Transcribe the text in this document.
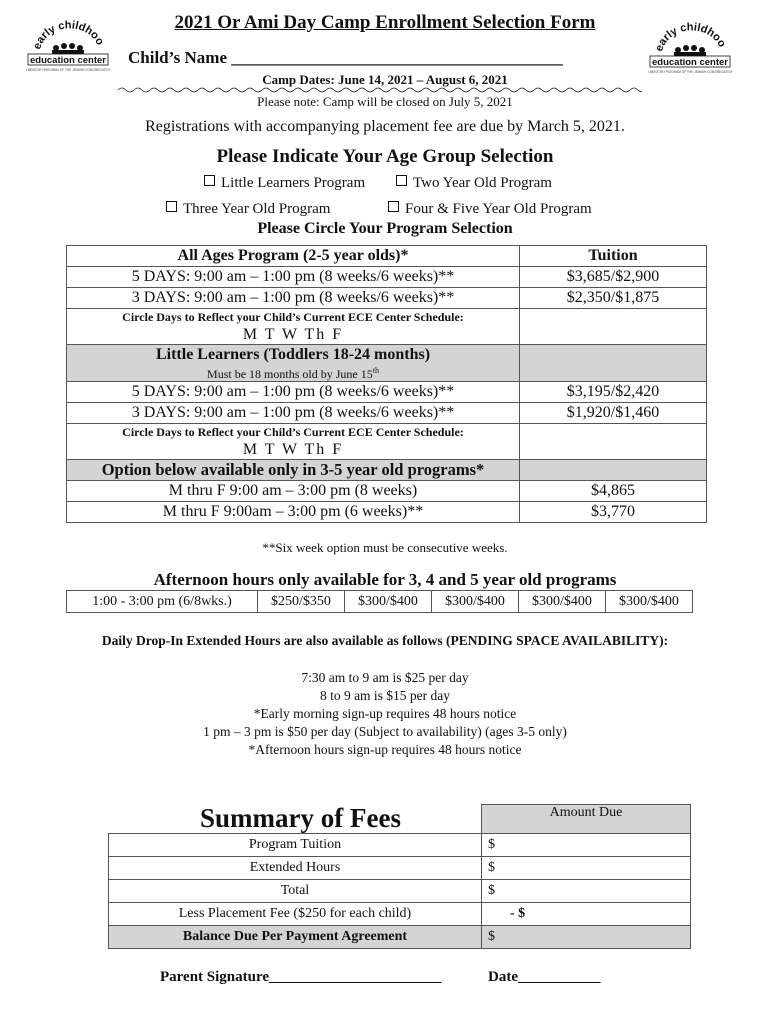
early childhoo
education center
A MENTOR PROGRAM OF THE JEWISH CONGREGATION
early childhoo
education center
A MENTOR PROGRAM OF THE JEWISH CONGREGATION
2021 Or Ami Day Camp Enrollment Selection Form
Child’s Name _______________________________________
Camp Dates: June 14, 2021 – August 6, 2021
Please note: Camp will be closed on July 5, 2021
Registrations with accompanying placement fee are due by March 5, 2021.
Please Indicate Your Age Group Selection
Little Learners Program	Two Year Old Program
Three Year Old Program	Four & Five Year Old Program
Please Circle Your Program Selection
All Ages Program (2-5 year olds)*	Tuition
5 DAYS: 9:00 am – 1:00 pm (8 weeks/6 weeks)**	$3,685/$2,900
3 DAYS: 9:00 am – 1:00 pm (8 weeks/6 weeks)**	$2,350/$1,875

Circle Days to Reflect your Child’s Current ECE Center Schedule:
M T W Th F	

Little Learners (Toddlers 18-24 months)
Must be 18 months old by June 15th

5 DAYS: 9:00 am – 1:00 pm (8 weeks/6 weeks)**	$3,195/$2,420
3 DAYS: 9:00 am – 1:00 pm (8 weeks/6 weeks)**	$1,920/$1,460

Circle Days to Reflect your Child’s Current ECE Center Schedule:
M T W Th F	

Option below available only in 3-5 year old programs*	
M thru F 9:00 am – 3:00 pm (8 weeks)	$4,865
M thru F 9:00am – 3:00 pm (6 weeks)**	$3,770
**Six week option must be consecutive weeks.
Afternoon hours only available for 3, 4 and 5 year old programs
1:00 - 3:00 pm (6/8wks.)	$250/$350	$300/$400	$300/$400	$300/$400	$300/$400
Daily Drop-In Extended Hours are also available as follows (PENDING SPACE AVAILABILITY):
7:30 am to 9 am is $25 per day
8 to 9 am is $15 per day
*Early morning sign-up requires 48 hours notice
1 pm – 3 pm is $50 per day (Subject to availability) (ages 3-5 only)
*Afternoon hours sign-up requires 48 hours notice
	Amount Due
Program Tuition	$
Extended Hours	$
Total	$
Less Placement Fee ($250 for each child)	- $
Balance Due Per Payment Agreement	$
Summary of Fees
Parent Signature_______________________	Date___________
